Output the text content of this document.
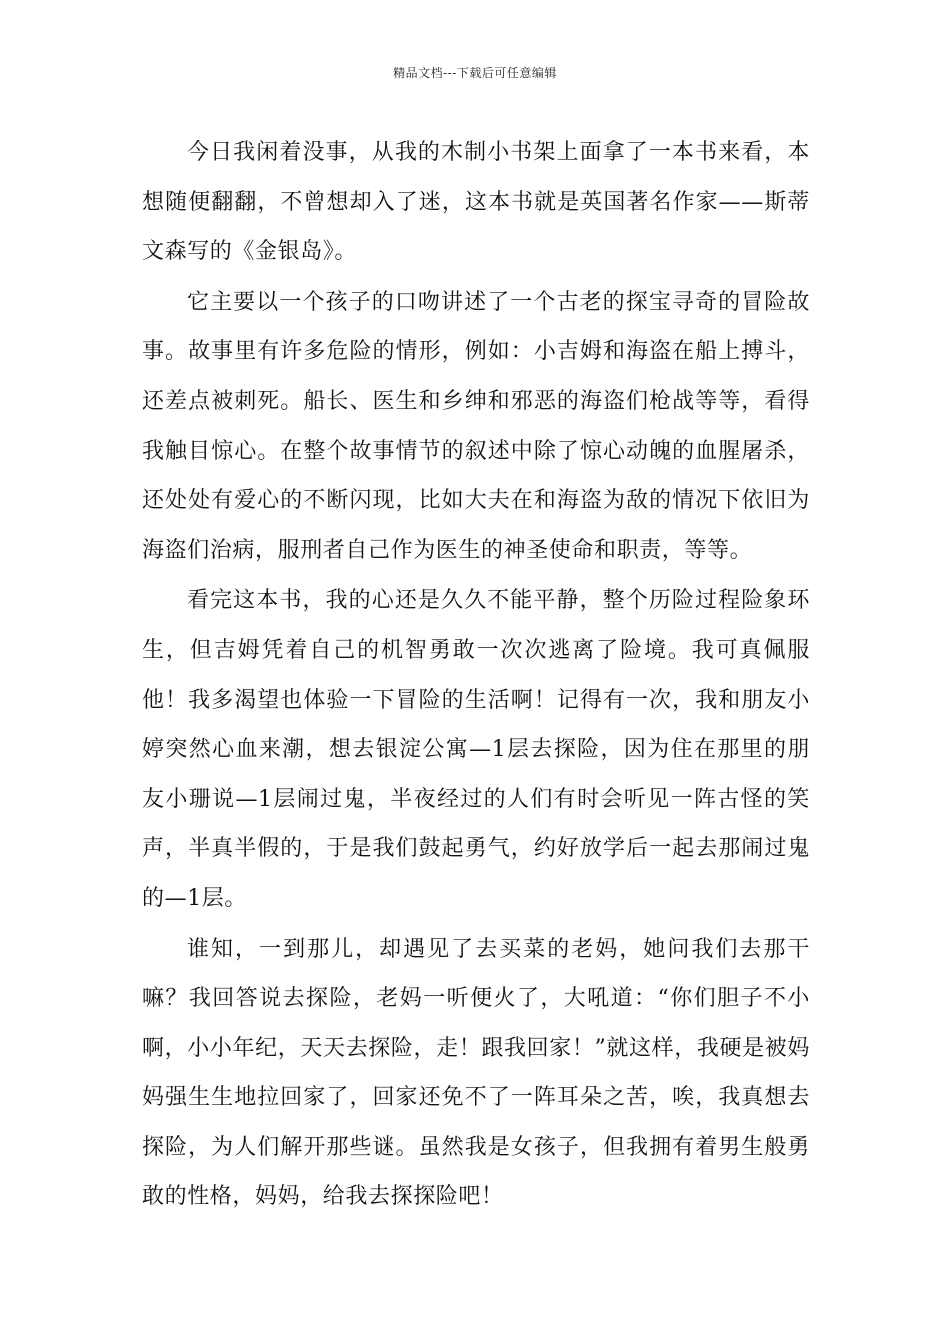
精品文档---下载后可任意编辑

今日我闲着没事，从我的木制小书架上面拿了一本书来看，本想随便翻翻，不曾想却入了迷，这本书就是英国著名作家——斯蒂文森写的《金银岛》。

它主要以一个孩子的口吻讲述了一个古老的探宝寻奇的冒险故事。故事里有许多危险的情形，例如：小吉姆和海盗在船上搏斗，还差点被刺死。船长、医生和乡绅和邪恶的海盗们枪战等等，看得我触目惊心。在整个故事情节的叙述中除了惊心动魄的血腥屠杀，还处处有爱心的不断闪现，比如大夫在和海盗为敌的情况下依旧为海盗们治病，服刑者自己作为医生的神圣使命和职责，等等。

看完这本书，我的心还是久久不能平静，整个历险过程险象环生，但吉姆凭着自己的机智勇敢一次次逃离了险境。我可真佩服他！我多渴望也体验一下冒险的生活啊！记得有一次，我和朋友小婷突然心血来潮，想去银淀公寓—1层去探险，因为住在那里的朋友小珊说—1层闹过鬼，半夜经过的人们有时会听见一阵古怪的笑声，半真半假的，于是我们鼓起勇气，约好放学后一起去那闹过鬼的—1层。

谁知，一到那儿，却遇见了去买菜的老妈，她问我们去那干嘛？我回答说去探险，老妈一听便火了，大吼道：“你们胆子不小啊，小小年纪，天天去探险，走！跟我回家！”就这样，我硬是被妈妈强生生地拉回家了，回家还免不了一阵耳朵之苦，唉，我真想去探险，为人们解开那些谜。虽然我是女孩子，但我拥有着男生般勇敢的性格，妈妈，给我去探探险吧！
